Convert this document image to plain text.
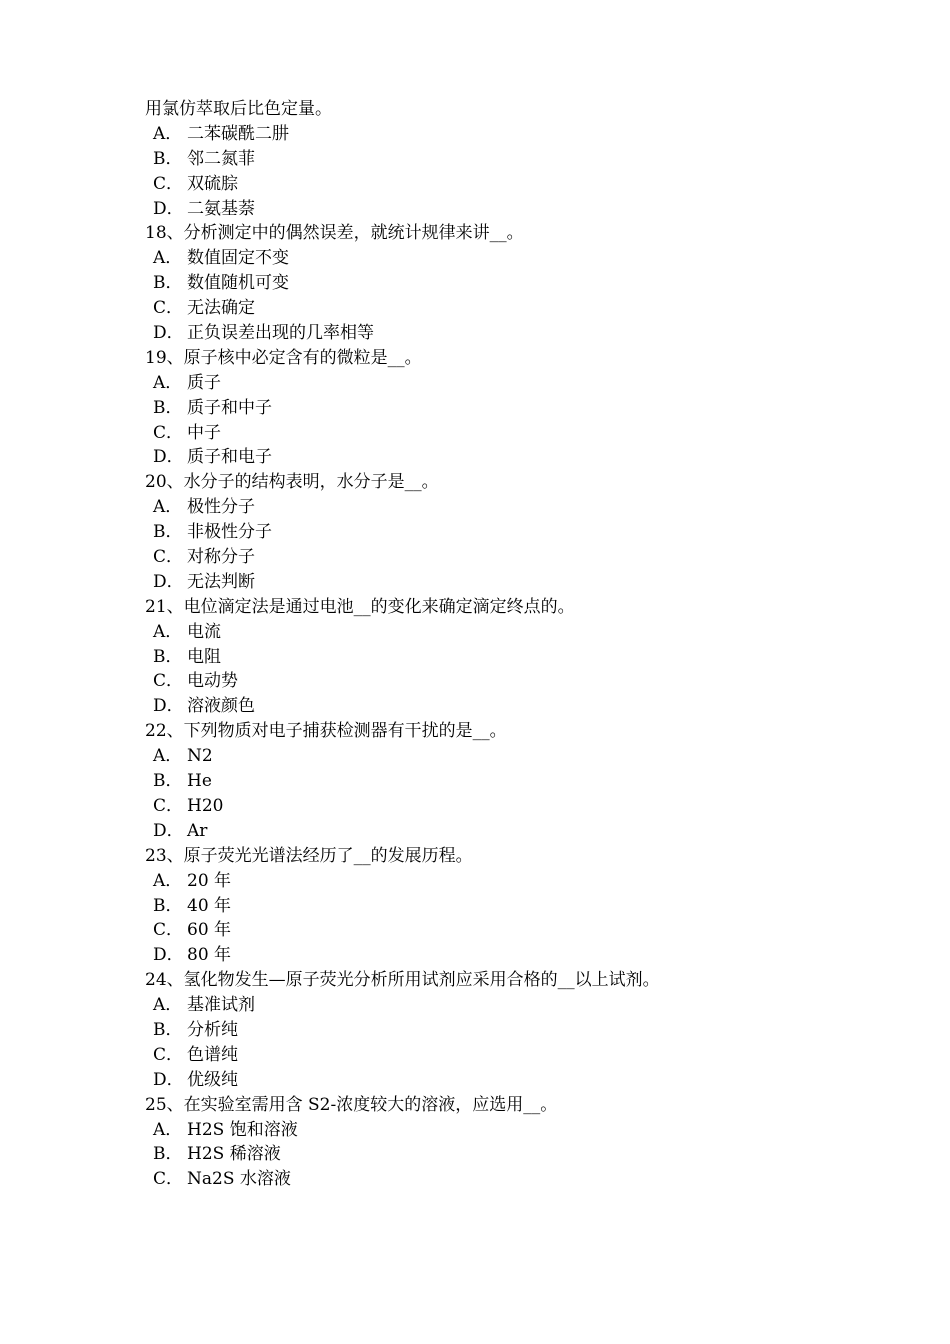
用氯仿萃取后比色定量。
A． 二苯碳酰二肼
B． 邻二氮菲
C． 双硫腙
D． 二氨基萘
18、分析测定中的偶然误差，就统计规律来讲__。
A． 数值固定不变
B． 数值随机可变
C． 无法确定
D． 正负误差出现的几率相等
19、原子核中必定含有的微粒是__。
A． 质子
B． 质子和中子
C． 中子
D． 质子和电子
20、水分子的结构表明，水分子是__。
A． 极性分子
B． 非极性分子
C． 对称分子
D． 无法判断
21、电位滴定法是通过电池__的变化来确定滴定终点的。
A． 电流
B． 电阻
C． 电动势
D． 溶液颜色
22、下列物质对电子捕获检测器有干扰的是__。
A． N2
B． He
C． H20
D． Ar
23、原子荧光光谱法经历了__的发展历程。
A． 20 年
B． 40 年
C． 60 年
D． 80 年
24、氢化物发生—原子荧光分析所用试剂应采用合格的__以上试剂。
A． 基准试剂
B． 分析纯
C． 色谱纯
D． 优级纯
25、在实验室需用含 S2-浓度较大的溶液，应选用__。
A． H2S 饱和溶液
B． H2S 稀溶液
C． Na2S 水溶液
